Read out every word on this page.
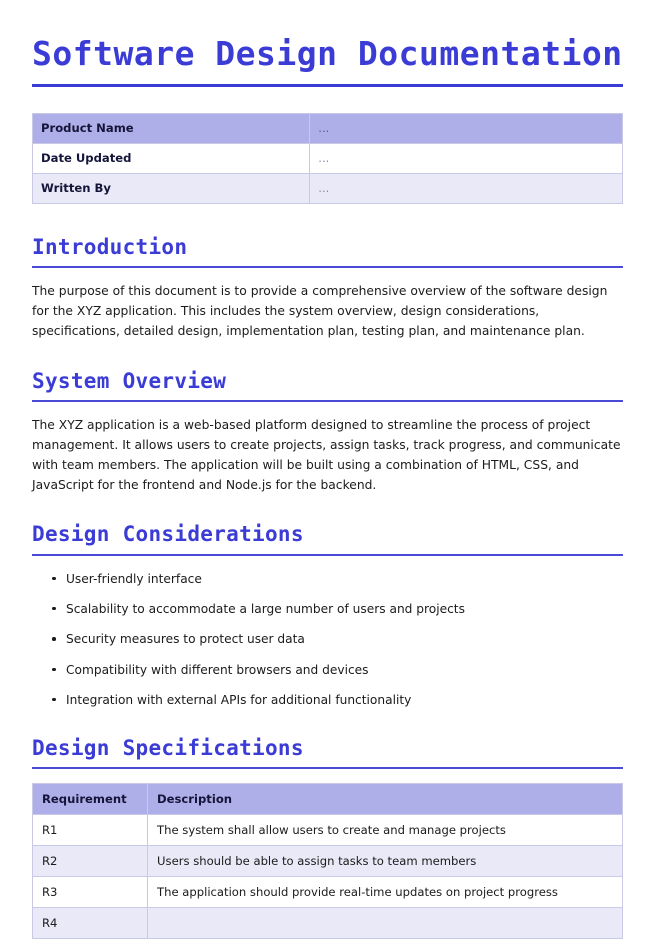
Software Design Documentation
Product Name	...
Date Updated	...
Written By	...
Introduction

The purpose of this document is to provide a comprehensive overview of the software design for the XYZ application. This includes the system overview, design considerations, specifications, detailed design, implementation plan, testing plan, and maintenance plan.

System Overview

The XYZ application is a web-based platform designed to streamline the process of project management. It allows users to create projects, assign tasks, track progress, and communicate with team members. The application will be built using a combination of HTML, CSS, and JavaScript for the frontend and Node.js for the backend.

Design Considerations
User-friendly interface
Scalability to accommodate a large number of users and projects
Security measures to protect user data
Compatibility with different browsers and devices
Integration with external APIs for additional functionality
Design Specifications
Requirement	Description
R1	The system shall allow users to create and manage projects
R2	Users should be able to assign tasks to team members
R3	The application should provide real-time updates on project progress
R4	
